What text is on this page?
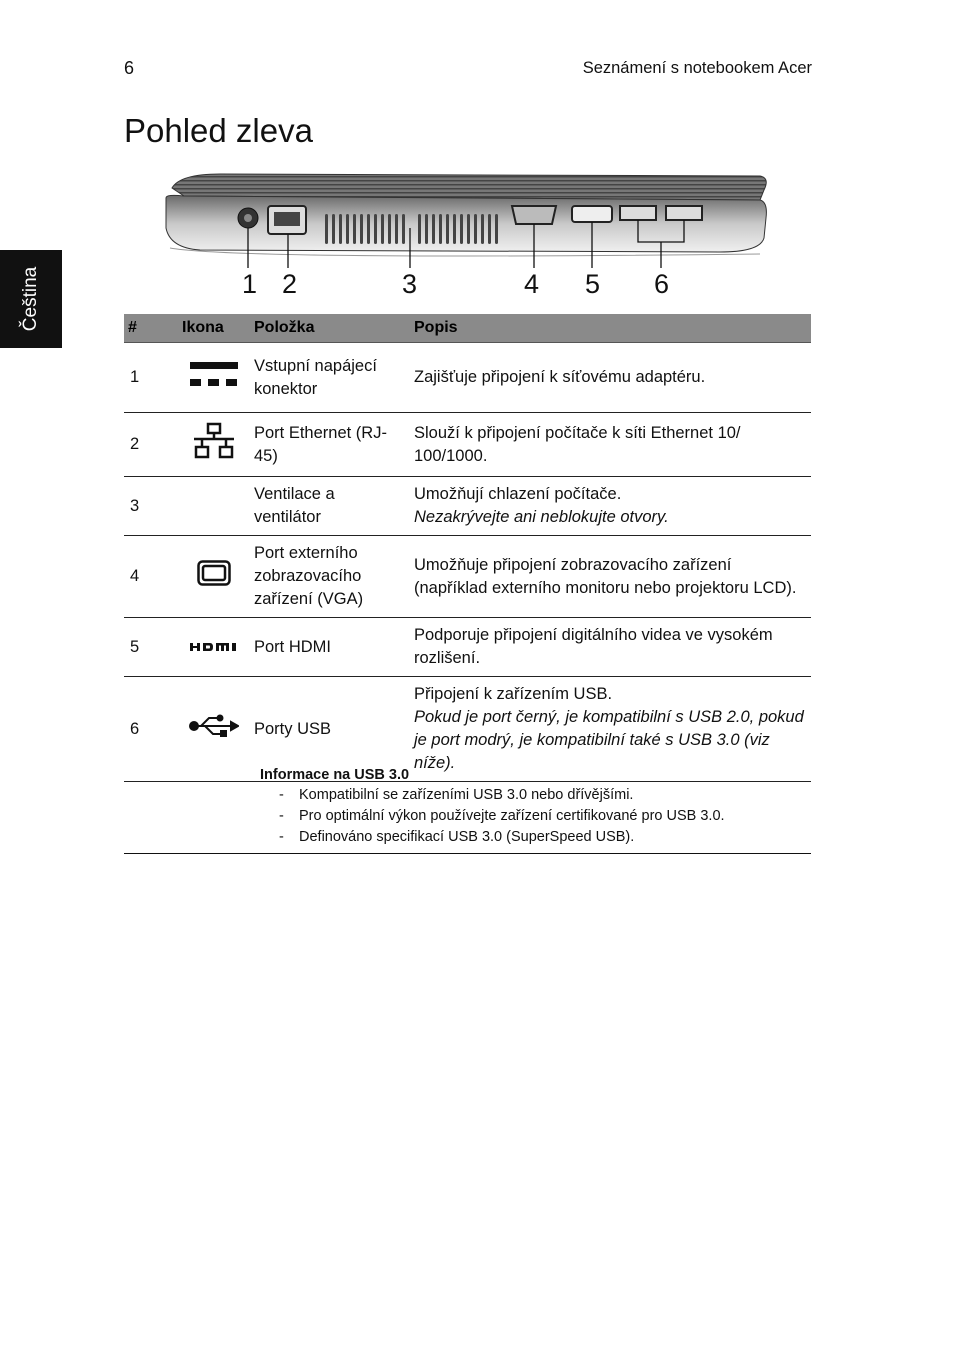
6	Seznámení s notebookem Acer
Čeština
Pohled zleva
1 2	3	4 5 6
#	Ikona	Položka	Popis
1		Vstupní napájecí konektor	Zajišťuje připojení k síťovému adaptéru.
2		Port Ethernet (RJ-45)	Slouží k připojení počítače k síti Ethernet 10/ 100/1000.
3		Ventilace a ventilátor	Umožňují chlazení počítače.
Nezakrývejte ani neblokujte otvory.
4		Port externího zobrazovacího zařízení (VGA)	Umožňuje připojení zobrazovacího zařízení (například externího monitoru nebo projektoru LCD).
5		Port HDMI	Podporuje připojení digitálního videa ve vysokém rozlišení.
6		Porty USB	Připojení k zařízením USB.
Pokud je port černý, je kompatibilní s USB 2.0, pokud je port modrý, je kompatibilní také s USB 3.0 (viz níže).
Informace na USB 3.0
- Kompatibilní se zařízeními USB 3.0 nebo dřívějšími.
- Pro optimální výkon používejte zařízení certifikované pro USB 3.0.
- Definováno specifikací USB 3.0 (SuperSpeed USB).
